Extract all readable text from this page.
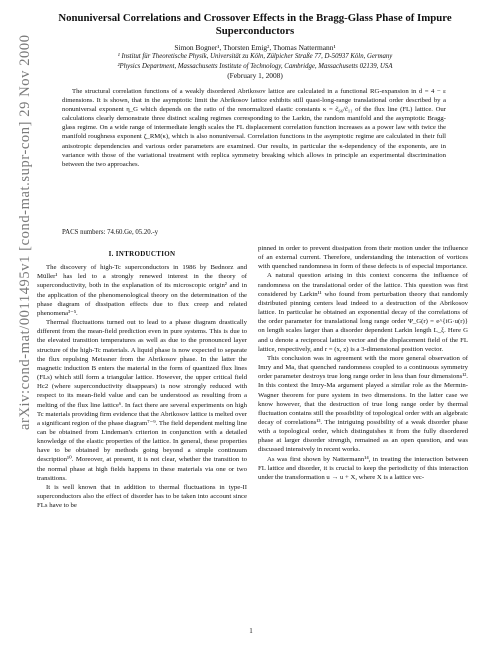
arXiv:cond-mat/0011495v1 [cond-mat.supr-con] 29 Nov 2000
Nonuniversal Correlations and Crossover Effects in the Bragg-Glass Phase of Impure
Superconductors
Simon Bogner¹, Thorsten Emig², Thomas Nattermann¹
¹ Institut für Theoretische Physik, Universität zu Köln, Zülpicher Straße 77, D-50937 Köln, Germany
²Physics Department, Massachusetts Institute of Technology, Cambridge, Massachusetts 02139, USA
(February 1, 2008)

The structural correlation functions of a weakly disordered Abrikosov lattice are calculated in a functional RG-expansion in d = 4 − ε dimensions. It is shown, that in the asymptotic limit the Abrikosov lattice exhibits still quasi-long-range translational order described by a nonuniversal exponent η_G which depends on the ratio of the renormalized elastic constants κ = c̃₆₆/c̃₁₁ of the flux line (FL) lattice. Our calculations clearly demonstrate three distinct scaling regimes corresponding to the Larkin, the random manifold and the asymptotic Bragg-glass regime. On a wide range of intermediate length scales the FL displacement correlation function increases as a power law with twice the manifold roughness exponent ζ_RM(κ), which is also nonuniversal. Correlation functions in the asymptotic regime are calculated in their full anisotropic dependencies and various order parameters are examined. Our results, in particular the κ-dependency of the exponents, are in variance with those of the variational treatment with replica symmetry breaking which allows in principle an experimental discrimination between the two approaches.

PACS numbers: 74.60.Ge, 05.20.-y
I. INTRODUCTION

The discovery of high-Tc superconductors in 1986 by Bednorz and Müller¹ has led to a strongly renewed interest in the theory of superconductivity, both in the explanation of its microscopic origin² and in the application of the phenomenological theory on the determination of the phase diagram of dissipation effects due to flux creep and related phenomena³⁻⁵.

Thermal fluctuations turned out to lead to a phase diagram drastically different from the mean-field prediction even in pure systems. This is due to the elevated transition temperatures as well as due to the pronounced layer structure of the high-Tc materials. A liquid phase is now expected to separate the flux repulsing Meissner from the Abrikosov phase. In the latter the magnetic induction B enters the material in the form of quantized flux lines (FLs) which still form a triangular lattice. However, the upper critical field Hc2 (where superconductivity disappears) is now strongly reduced with respect to its mean-field value and can be understood as resulting from a melting of the flux line lattice⁶. In fact there are several experiments on high Tc materials providing firm evidence that the Abrikosov lattice is melted over a significant region of the phase diagram⁷⁻⁹. The field dependent melting line can be obtained from Lindeman's criterion in conjunction with a detailed knowledge of the elastic properties of the lattice. In general, these properties have to be obtained by methods going beyond a simple continuum description¹⁰. Moreover, at present, it is not clear, whether the transition to the normal phase at high fields happens in these materials via one or two transitions.

It is well known that in addition to thermal fluctuations in type-II superconductors also the effect of disorder has to be taken into account since FLs have to be

pinned in order to prevent dissipation from their motion under the influence of an external current. Therefore, understanding the interaction of vortices with quenched randomness in form of these defects is of especial importance.

A natural question arising in this context concerns the influence of randomness on the translational order of the lattice. This question was first considered by Larkin¹¹ who found from perturbation theory that randomly distributed pinning centers lead indeed to a destruction of the Abrikosov lattice. In particular he obtained an exponential decay of the correlations of the order parameter for translational long range order Ψ_G(r) = e^{iG·u(r)} on length scales larger than a disorder dependent Larkin length L_ξ. Here G and u denote a reciprocal lattice vector and the displacement field of the FL lattice, respectively, and r = (x, z) is a 3-dimensional position vector.

This conclusion was in agreement with the more general observation of Imry and Ma, that quenched randomness coupled to a continuous symmetry order parameter destroys true long range order in less than four dimensions¹². In this context the Imry-Ma argument played a similar role as the Mermin-Wagner theorem for pure system in two dimensions. In the latter case we know however, that the destruction of true long range order by thermal fluctuation contains still the possibility of topological order with an algebraic decay of correlations¹³. The intriguing possibility of a weak disorder phase with a topological order, which distinguishes it from the fully disordered phase at larger disorder strength, remained as an open question, and was discussed intensively in recent works.

As was first shown by Nattermann¹⁴, in treating the interaction between FL lattice and disorder, it is crucial to keep the periodicity of this interaction under the transformation u → u + X, where X is a lattice vec-

1
